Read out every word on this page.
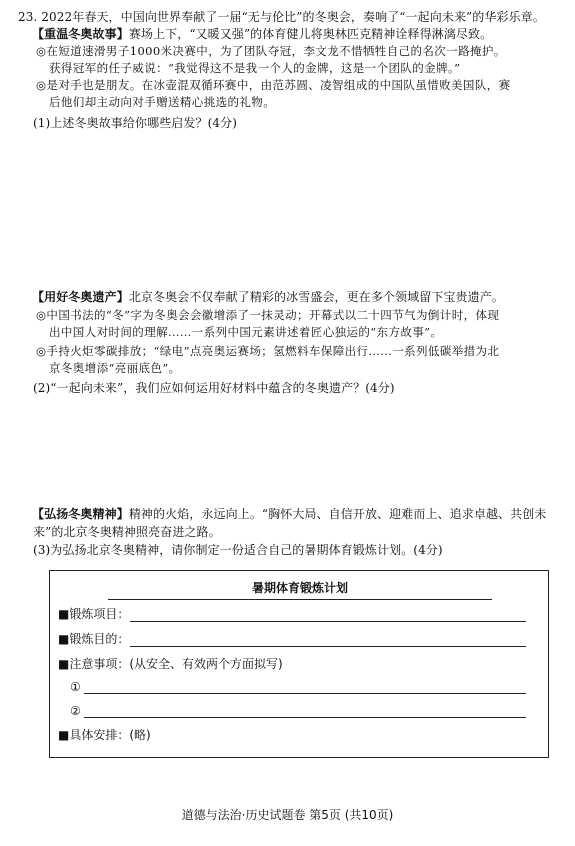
23. 2022年春天，中国向世界奉献了一届“无与伦比”的冬奥会，奏响了“一起向未来”的华彩乐章。
【重温冬奥故事】赛场上下，“又暖又强”的体育健儿将奥林匹克精神诠释得淋漓尽致。
◎在短道速滑男子1000米决赛中，为了团队夺冠，李文龙不惜牺牲自己的名次一路掩护。
获得冠军的任子威说：“我觉得这不是我一个人的金牌，这是一个团队的金牌。”
◎是对手也是朋友。在冰壶混双循环赛中，由范苏圆、凌智组成的中国队虽惜败美国队，赛
后他们却主动向对手赠送精心挑选的礼物。
(1)上述冬奥故事给你哪些启发？(4分)
【用好冬奥遗产】北京冬奥会不仅奉献了精彩的冰雪盛会，更在多个领域留下宝贵遗产。
◎中国书法的“冬”字为冬奥会会徽增添了一抹灵动；开幕式以二十四节气为倒计时，体现
出中国人对时间的理解……一系列中国元素讲述着匠心独运的“东方故事”。
◎手持火炬零碳排放；“绿电”点亮奥运赛场；氢燃料车保障出行……一系列低碳举措为北
京冬奥增添“亮丽底色”。
(2)“一起向未来”，我们应如何运用好材料中蕴含的冬奥遗产？(4分)
【弘扬冬奥精神】精神的火焰，永远向上。“胸怀大局、自信开放、迎难而上、追求卓越、共创未
来”的北京冬奥精神照亮奋进之路。
(3)为弘扬北京冬奥精神，请你制定一份适合自己的暑期体育锻炼计划。(4分)
暑期体育锻炼计划
■锻炼项目：
■锻炼目的：
■注意事项：(从安全、有效两个方面拟写)
①
②
■具体安排：(略)
道德与法治·历史试题卷 第5页 (共10页)
